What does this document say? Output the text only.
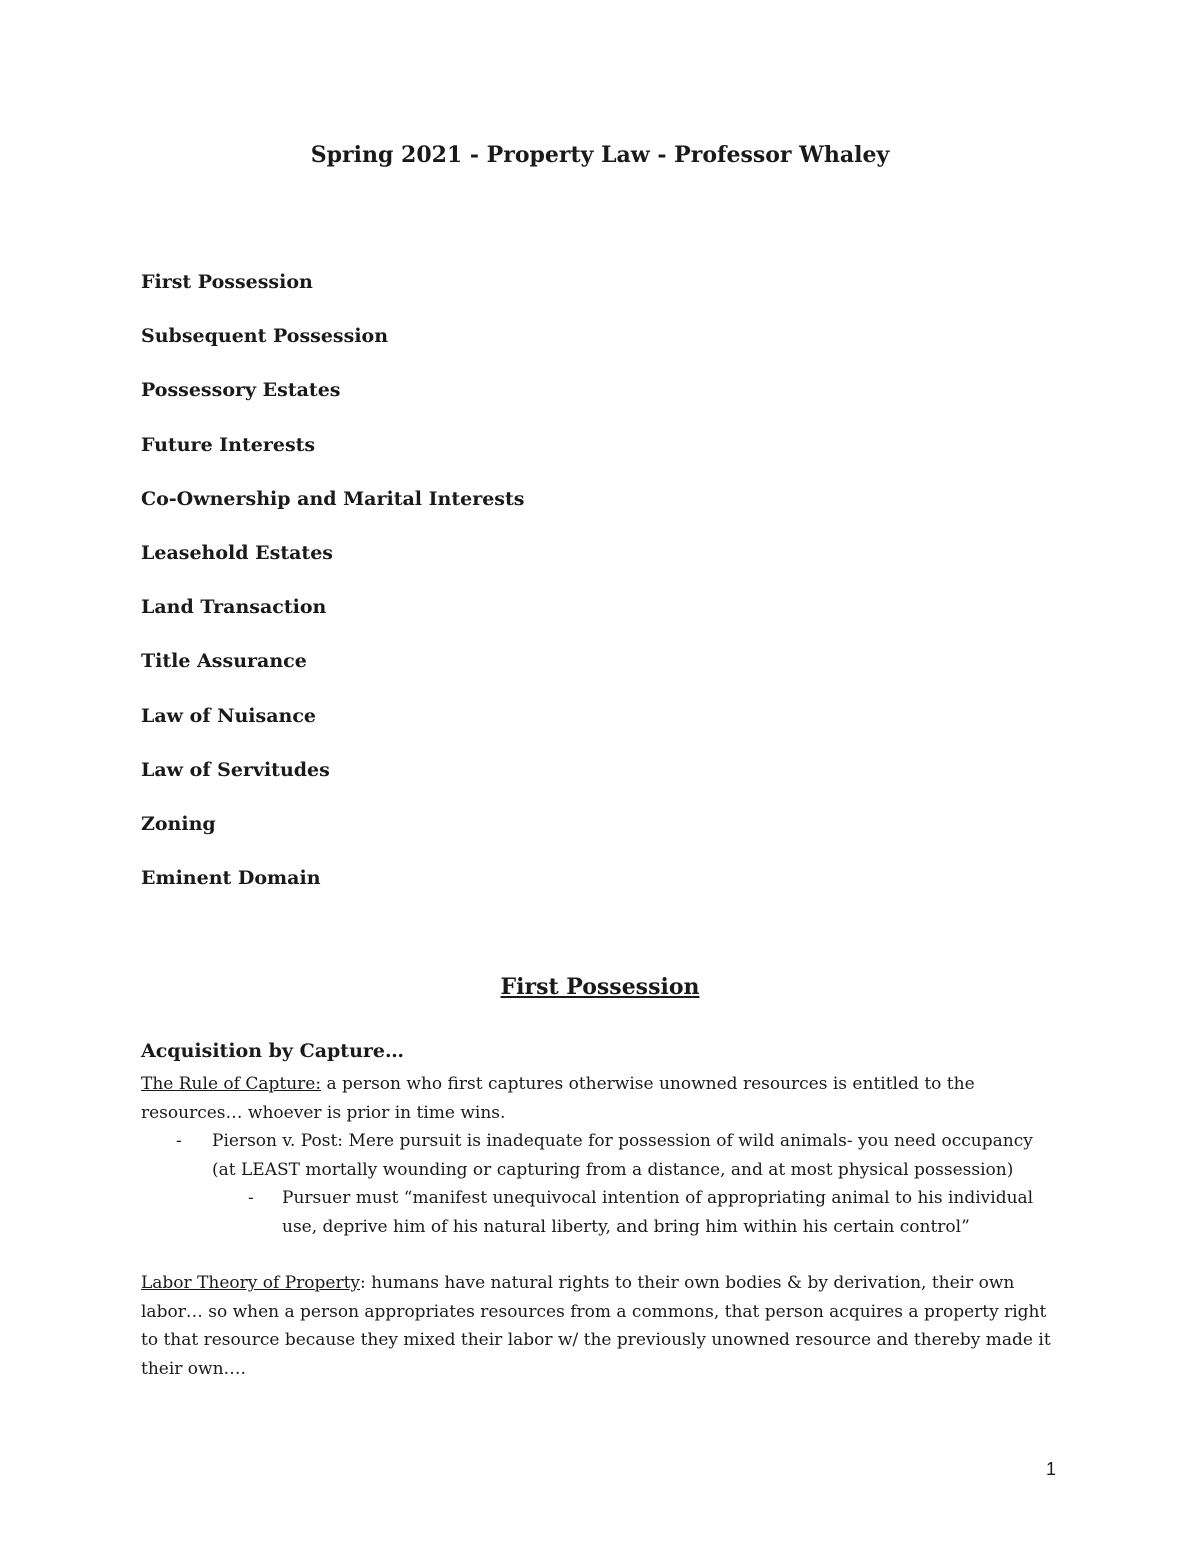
Spring 2021 - Property Law - Professor Whaley
First Possession
Subsequent Possession
Possessory Estates
Future Interests
Co-Ownership and Marital Interests
Leasehold Estates
Land Transaction
Title Assurance
Law of Nuisance
Law of Servitudes
Zoning
Eminent Domain
First Possession
Acquisition by Capture…

The Rule of Capture: a person who first captures otherwise unowned resources is entitled to the resources… whoever is prior in time wins.

- Pierson v. Post: Mere pursuit is inadequate for possession of wild animals- you need occupancy
(at LEAST mortally wounding or capturing from a distance, and at most physical possession)
- Pursuer must “manifest unequivocal intention of appropriating animal to his individual
use, deprive him of his natural liberty, and bring him within his certain control”

Labor Theory of Property: humans have natural rights to their own bodies & by derivation, their own labor… so when a person appropriates resources from a commons, that person acquires a property right to that resource because they mixed their labor w/ the previously unowned resource and thereby made it their own….

1
